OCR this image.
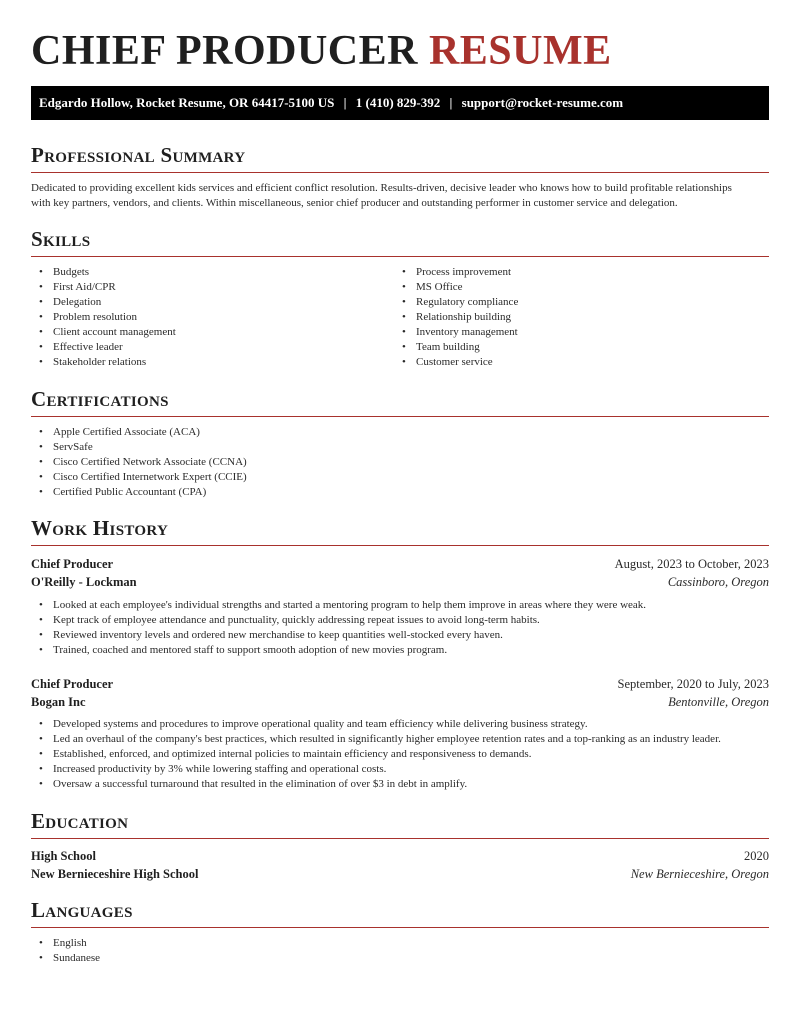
CHIEF PRODUCER RESUME
Edgardo Hollow, Rocket Resume, OR 64417-5100 US | 1 (410) 829-392 | support@rocket-resume.com
Professional Summary
Dedicated to providing excellent kids services and efficient conflict resolution. Results-driven, decisive leader who knows how to build profitable relationships with key partners, vendors, and clients. Within miscellaneous, senior chief producer and outstanding performer in customer service and delegation.
Skills
• Budgets
• First Aid/CPR
• Delegation
• Problem resolution
• Client account management
• Effective leader
• Stakeholder relations
• Process improvement
• MS Office
• Regulatory compliance
• Relationship building
• Inventory management
• Team building
• Customer service
Certifications
• Apple Certified Associate (ACA)
• ServSafe
• Cisco Certified Network Associate (CCNA)
• Cisco Certified Internetwork Expert (CCIE)
• Certified Public Accountant (CPA)
Work History
Chief Producer	August, 2023 to October, 2023
O'Reilly - Lockman	Cassinboro, Oregon
• Looked at each employee's individual strengths and started a mentoring program to help them improve in areas where they were weak.
• Kept track of employee attendance and punctuality, quickly addressing repeat issues to avoid long-term habits.
• Reviewed inventory levels and ordered new merchandise to keep quantities well-stocked every haven.
• Trained, coached and mentored staff to support smooth adoption of new movies program.
Chief Producer	September, 2020 to July, 2023
Bogan Inc	Bentonville, Oregon
• Developed systems and procedures to improve operational quality and team efficiency while delivering business strategy.
• Led an overhaul of the company's best practices, which resulted in significantly higher employee retention rates and a top-ranking as an industry leader.
• Established, enforced, and optimized internal policies to maintain efficiency and responsiveness to demands.
• Increased productivity by 3% while lowering staffing and operational costs.
• Oversaw a successful turnaround that resulted in the elimination of over $3 in debt in amplify.
Education
High School	2020
New Bernieceshire High School	New Bernieceshire, Oregon
Languages
• English
• Sundanese
